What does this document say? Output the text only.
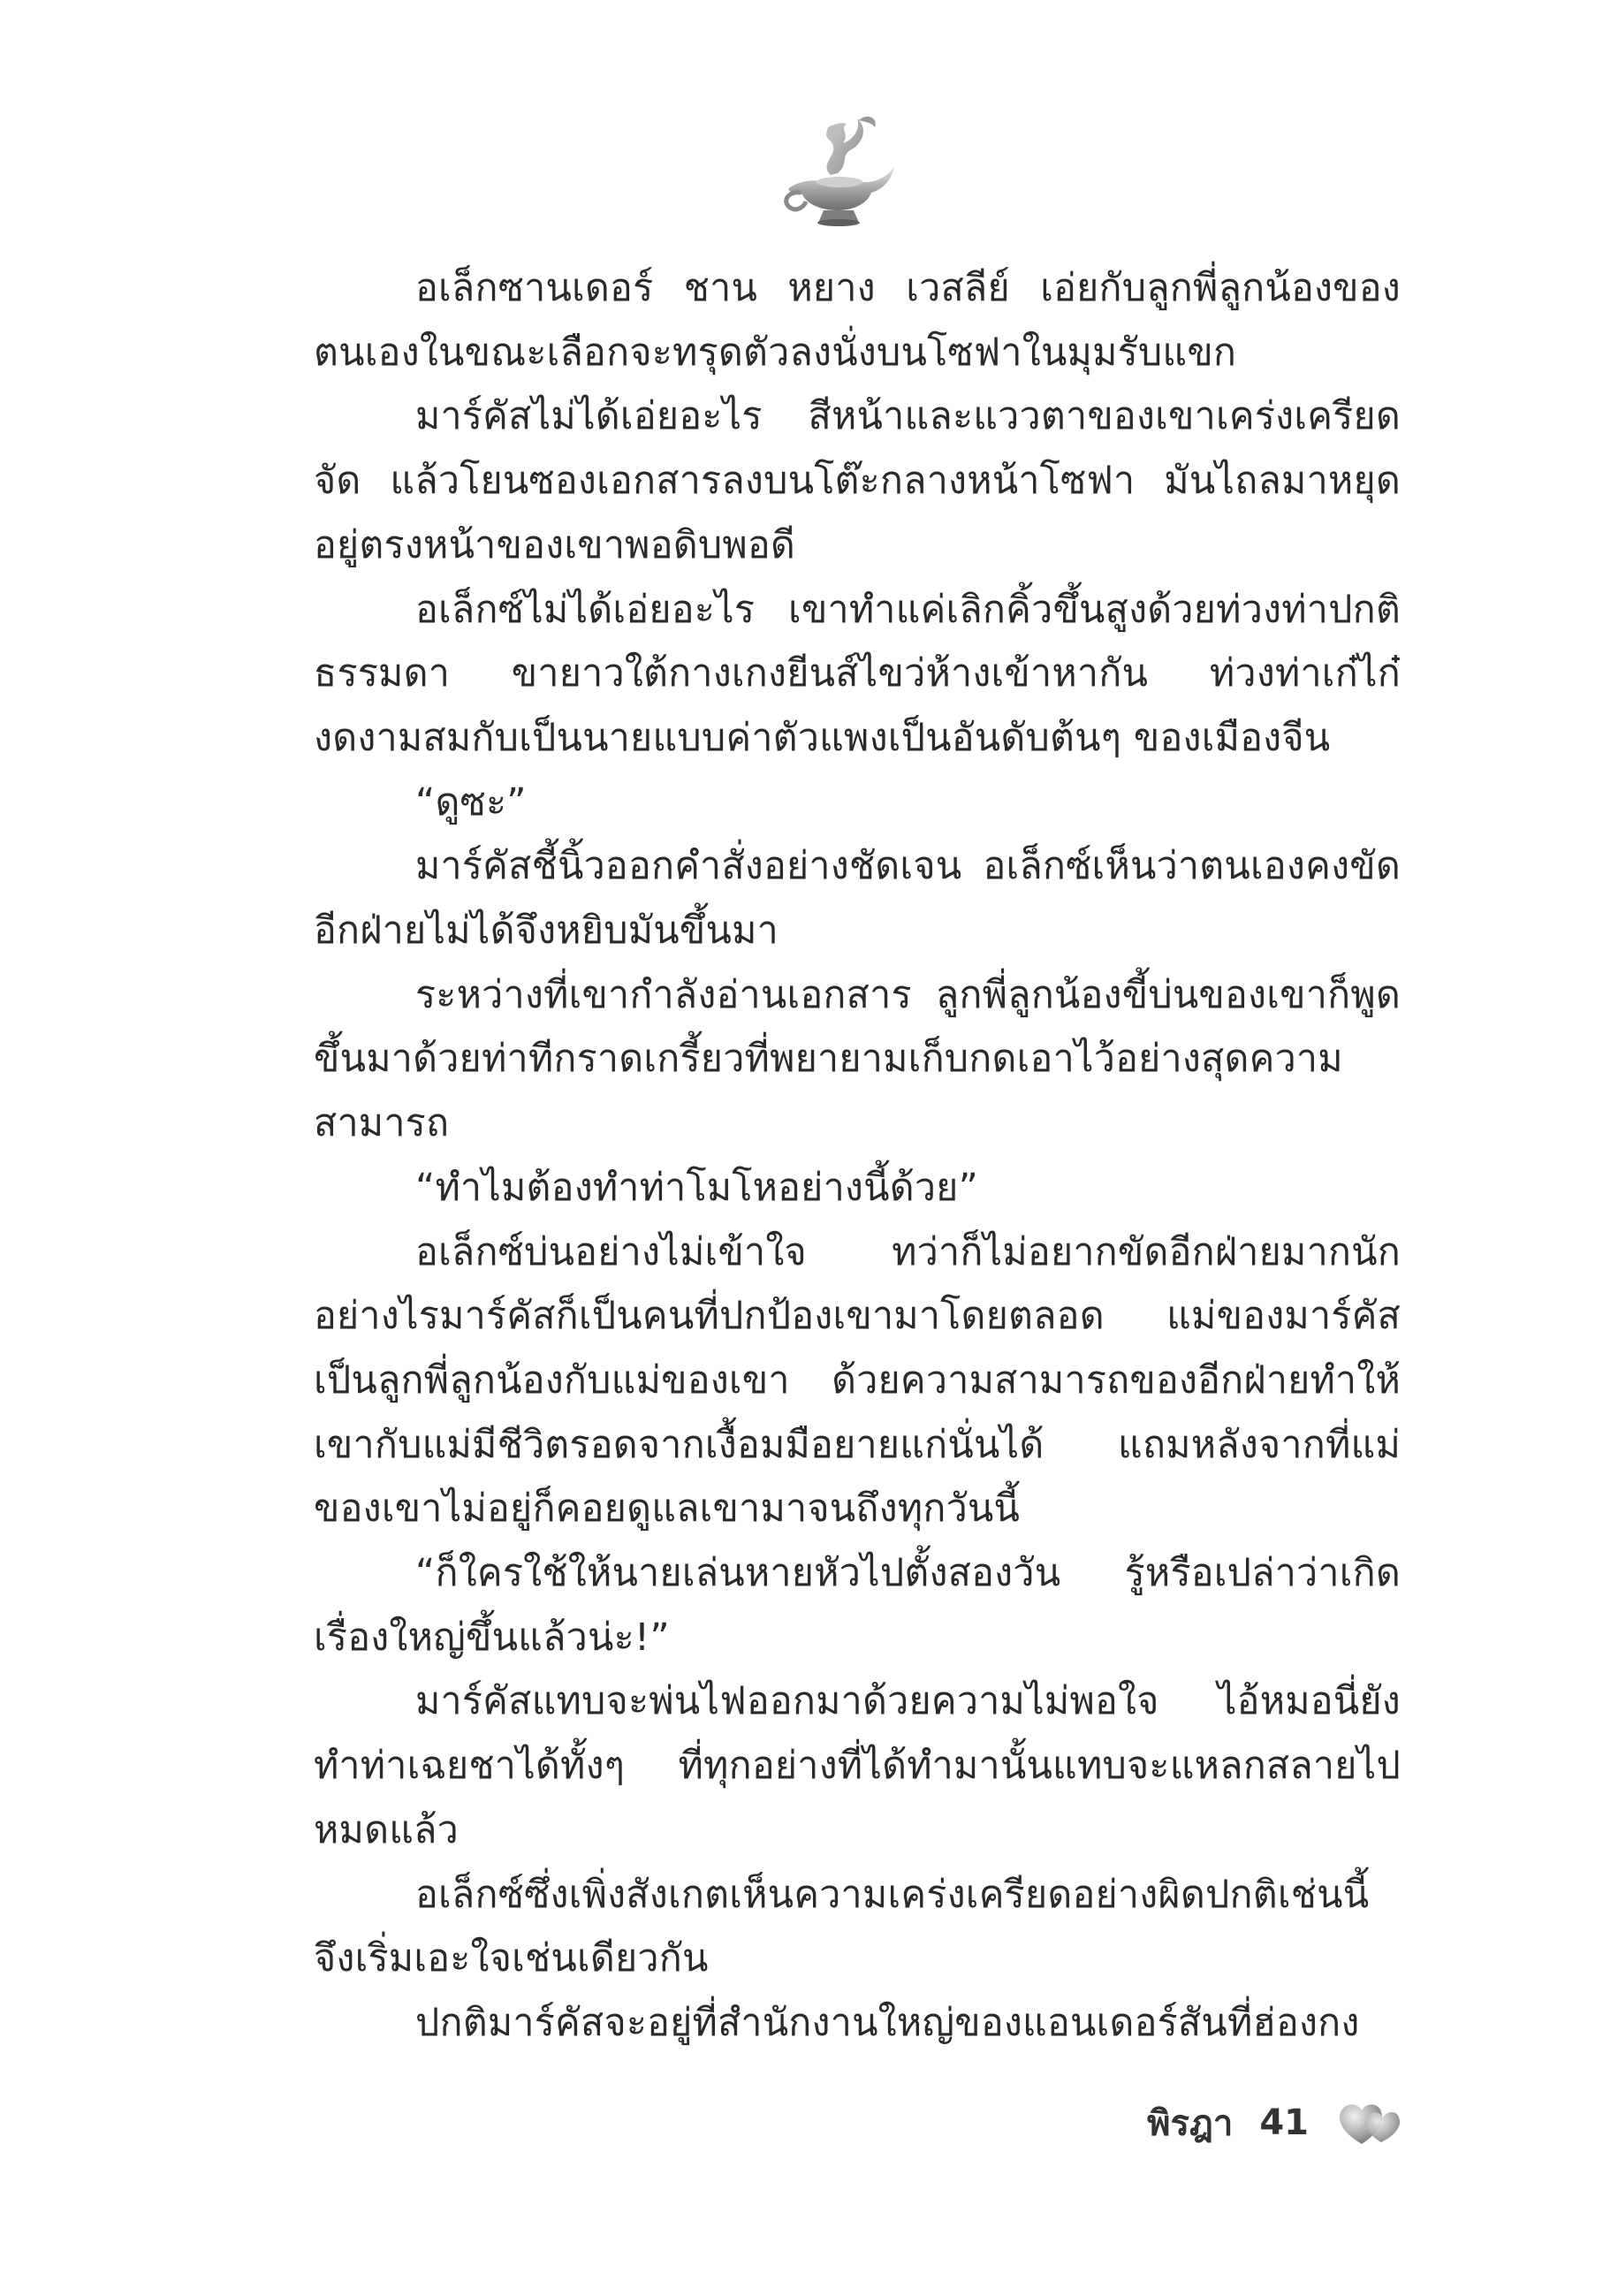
อเล็กซานเดอร์ ชาน หยาง เวสลีย์ เอ่ยกับลูกพี่ลูกน้องของตนเองในขณะเลือกจะทรุดตัวลงนั่งบนโซฟาในมุมรับแขก

มาร์คัสไม่ได้เอ่ยอะไร สีหน้าและแววตาของเขาเคร่งเครียดจัด แล้วโยนซองเอกสารลงบนโต๊ะกลางหน้าโซฟา มันไถลมาหยุดอยู่ตรงหน้าของเขาพอดิบพอดี

อเล็กซ์ไม่ได้เอ่ยอะไร เขาทำแค่เลิกคิ้วขึ้นสูงด้วยท่วงท่าปกติธรรมดา ขายาวใต้กางเกงยีนส์ไขว่ห้างเข้าหากัน ท่วงท่าเก๋ไก๋งดงามสมกับเป็นนายแบบค่าตัวแพงเป็นอันดับต้นๆ ของเมืองจีน

“ดูซะ”

มาร์คัสชี้นิ้วออกคำสั่งอย่างชัดเจน อเล็กซ์เห็นว่าตนเองคงขัดอีกฝ่ายไม่ได้จึงหยิบมันขึ้นมา

ระหว่างที่เขากำลังอ่านเอกสาร ลูกพี่ลูกน้องขี้บ่นของเขาก็พูดขึ้นมาด้วยท่าทีกราดเกรี้ยวที่พยายามเก็บกดเอาไว้อย่างสุดความสามารถ

“ทำไมต้องทำท่าโมโหอย่างนี้ด้วย”

อเล็กซ์บ่นอย่างไม่เข้าใจ ทว่าก็ไม่อยากขัดอีกฝ่ายมากนัก อย่างไรมาร์คัสก็เป็นคนที่ปกป้องเขามาโดยตลอด แม่ของมาร์คัสเป็นลูกพี่ลูกน้องกับแม่ของเขา ด้วยความสามารถของอีกฝ่ายทำให้เขากับแม่มีชีวิตรอดจากเงื้อมมือยายแก่นั่นได้ แถมหลังจากที่แม่ของเขาไม่อยู่ก็คอยดูแลเขามาจนถึงทุกวันนี้

“ก็ใครใช้ให้นายเล่นหายหัวไปตั้งสองวัน รู้หรือเปล่าว่าเกิดเรื่องใหญ่ขึ้นแล้วน่ะ!”

มาร์คัสแทบจะพ่นไฟออกมาด้วยความไม่พอใจ ไอ้หมอนี่ยังทำท่าเฉยชาได้ทั้งๆ ที่ทุกอย่างที่ได้ทำมานั้นแทบจะแหลกสลายไปหมดแล้ว

อเล็กซ์ซึ่งเพิ่งสังเกตเห็นความเคร่งเครียดอย่างผิดปกติเช่นนี้จึงเริ่มเอะใจเช่นเดียวกัน

ปกติมาร์คัสจะอยู่ที่สำนักงานใหญ่ของแอนเดอร์สันที่ฮ่องกง

พิรฎา 41
